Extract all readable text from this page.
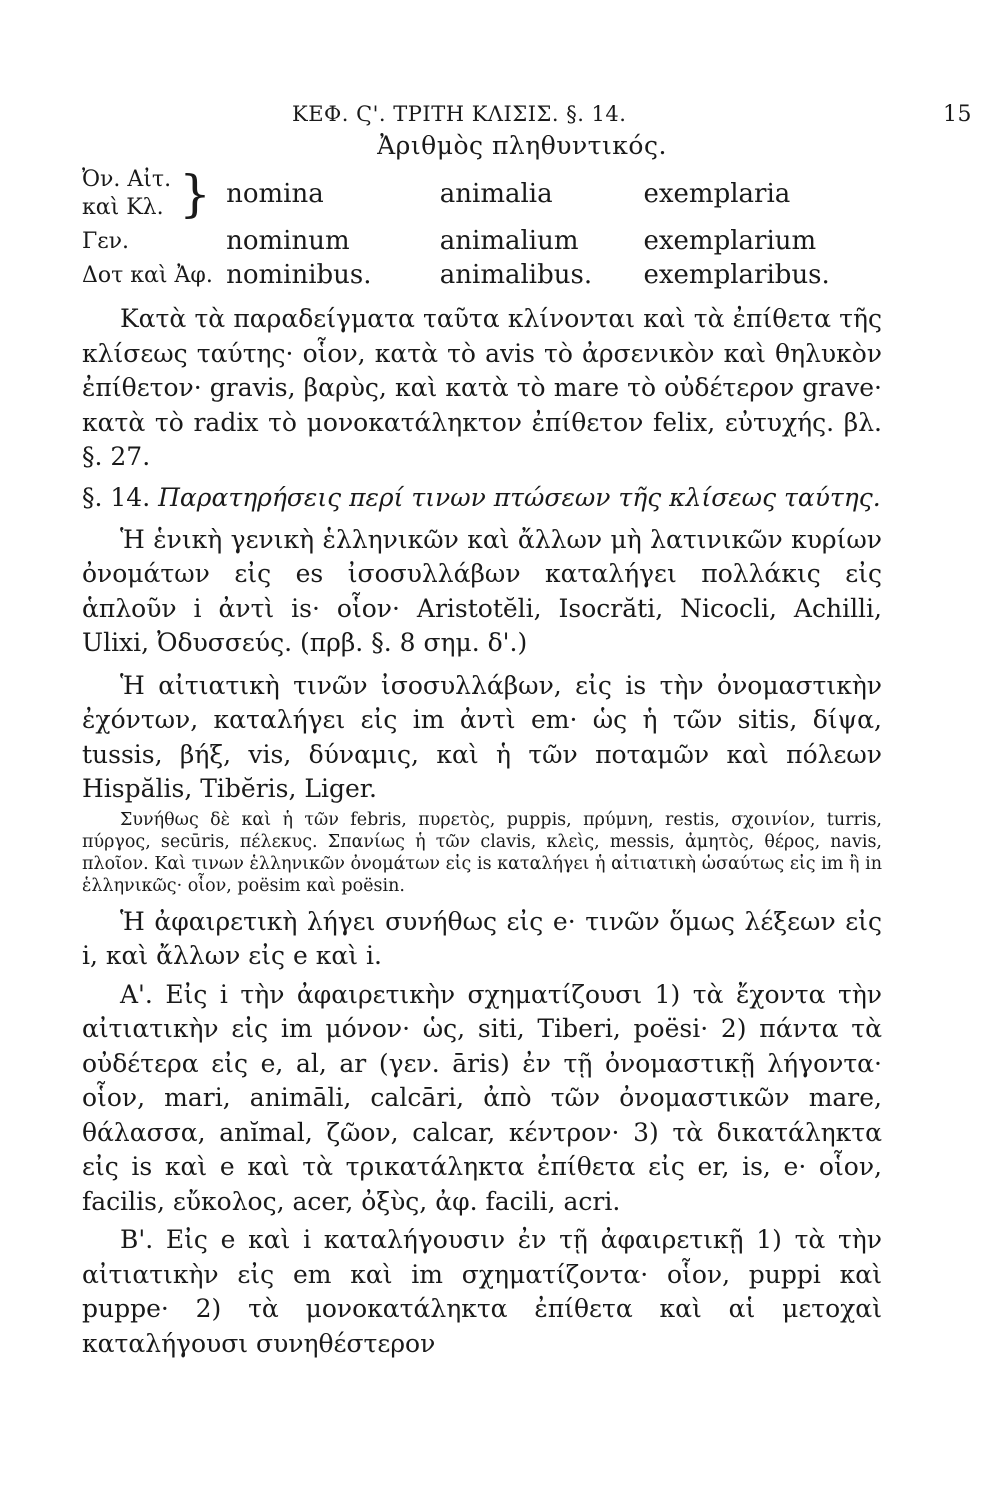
ΚΕΦ. Ϛ'. ΤΡΙΤΗ ΚΛΙΣΙΣ. §. 14.	15
Ἀριθμὸς πληθυντικός.
Ὀν. Αἰτ.
καὶ Κλ. } nomina	animalia	exemplaria
Γεν.	nominum	animalium	exemplarium
Δοτ καὶ Ἀφ. nominibus.	animalibus.	exemplaribus.

Κατὰ τὰ παραδείγματα ταῦτα κλίνονται καὶ τὰ ἐπίθετα τῆς κλίσεως ταύτης· οἷον, κατὰ τὸ avis τὸ ἀρσενικὸν καὶ θηλυκὸν ἐπίθετον· gravis, βαρὺς, καὶ κατὰ τὸ mare τὸ οὐδέτερον grave· κατὰ τὸ radix τὸ μονοκατάληκτον ἐπίθετον felix, εὐτυχής. βλ. §. 27.

§. 14. Παρατηρήσεις περί τινων πτώσεων τῆς κλίσεως ταύτης.

Ἡ ἑνικὴ γενικὴ ἑλληνικῶν καὶ ἄλλων μὴ λατινικῶν κυρίων ὀνομάτων εἰς es ἰσοσυλλάβων καταλήγει πολλάκις εἰς ἁπλοῦν i ἀντὶ is· οἷον· Aristotĕli, Isocrăti, Nicocli, Achilli, Ulixi, Ὀδυσσεύς. (πρβ. §. 8 σημ. δ'.)

Ἡ αἰτιατικὴ τινῶν ἰσοσυλλάβων, εἰς is τὴν ὀνομαστικὴν ἐχόντων, καταλήγει εἰς im ἀντὶ em· ὡς ἡ τῶν sitis, δίψα, tussis, βήξ, vis, δύναμις, καὶ ἡ τῶν ποταμῶν καὶ πόλεων Hispălis, Tibĕris, Liger.

Συνήθως δὲ καὶ ἡ τῶν febris, πυρετὸς, puppis, πρύμνη, restis, σχοινίον, turris, πύργος, secūris, πέλεκυς. Σπανίως ἡ τῶν clavis, κλεὶς, messis, ἀμητὸς, θέρος, navis, πλοῖον. Καὶ τινων ἑλληνικῶν ὀνομάτων εἰς is καταλήγει ἡ αἰτιατικὴ ὡσαύτως εἰς im ἢ in ἑλληνικῶς· οἷον, poësim καὶ poësin.

Ἡ ἀφαιρετικὴ λήγει συνήθως εἰς e· τινῶν ὅμως λέξεων εἰς i, καὶ ἄλλων εἰς e καὶ i.

Α'. Εἰς i τὴν ἀφαιρετικὴν σχηματίζουσι 1) τὰ ἔχοντα τὴν αἰτιατικὴν εἰς im μόνον· ὡς, siti, Tiberi, poësi· 2) πάντα τὰ οὐδέτερα εἰς e, al, ar (γεν. āris) ἐν τῇ ὀνομαστικῇ λήγοντα· οἷον, mari, animāli, calcāri, ἀπὸ τῶν ὀνομαστικῶν mare, θάλασσα, anĭmal, ζῶον, calcar, κέντρον· 3) τὰ δικατάληκτα εἰς is καὶ e καὶ τὰ τρικατάληκτα ἐπίθετα εἰς er, is, e· οἷον, facilis, εὔκολος, acer, ὀξὺς, ἀφ. facili, acri.

Β'. Εἰς e καὶ i καταλήγουσιν ἐν τῇ ἀφαιρετικῇ 1) τὰ τὴν αἰτιατικὴν εἰς em καὶ im σχηματίζοντα· οἷον, puppi καὶ puppe· 2) τὰ μονοκατάληκτα ἐπίθετα καὶ αἱ μετοχαὶ καταλήγουσι συνηθέστερον
